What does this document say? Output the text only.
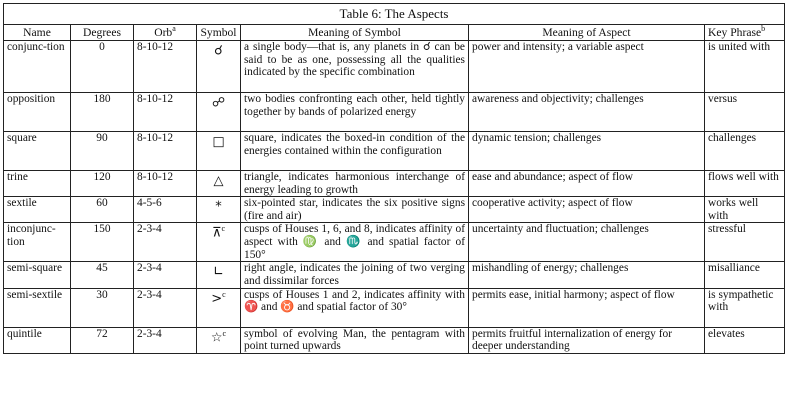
Table 6: The Aspects						
Name	Degrees	Orb$^a$	Symbol	Meaning of Symbol	Meaning of Aspect	Key Phrase$^b$
conjunc-tion	0	8-10-12	☌	a single body—that is, any planets in ☌ can be said to be as one, possessing all the qualities indicated by the specific combination	power and intensity; a variable aspect	is united with
opposition	180	8-10-12	☍	two bodies confronting each other, held tightly together by bands of polarized energy	awareness and objectivity; challenges	versus
square	90	8-10-12	□	square, indicates the boxed-in condition of the energies contained within the configuration	dynamic tension; challenges	challenges
trine	120	8-10-12	△	triangle, indicates harmonious interchange of energy leading to growth	ease and abundance; aspect of flow	flows well with
sextile	60	4-5-6	*	six-pointed star, indicates the six positive signs (fire and air)	cooperative activity; aspect of flow	works well with
inconjunc-tion	150	2-3-4	⊼$^c$	cusps of Houses 1, 6, and 8, indicates affinity of aspect with ♍ and ♏ and spatial factor of 150°	uncertainty and fluctuation; challenges	stressful
semi-square	45	2-3-4	∟	right angle, indicates the joining of two verging and dissimilar forces	mishandling of energy; challenges	misalliance
semi-sextile	30	2-3-4	>$^c$	cusps of Houses 1 and 2, indicates affinity with ♈ and ♉ and spatial factor of 30°	permits ease, initial harmony; aspect of flow	is sympathetic with
quintile	72	2-3-4	☆$^c$	symbol of evolving Man, the pentagram with point turned upwards	permits fruitful internalization of energy for deeper understanding	elevates
